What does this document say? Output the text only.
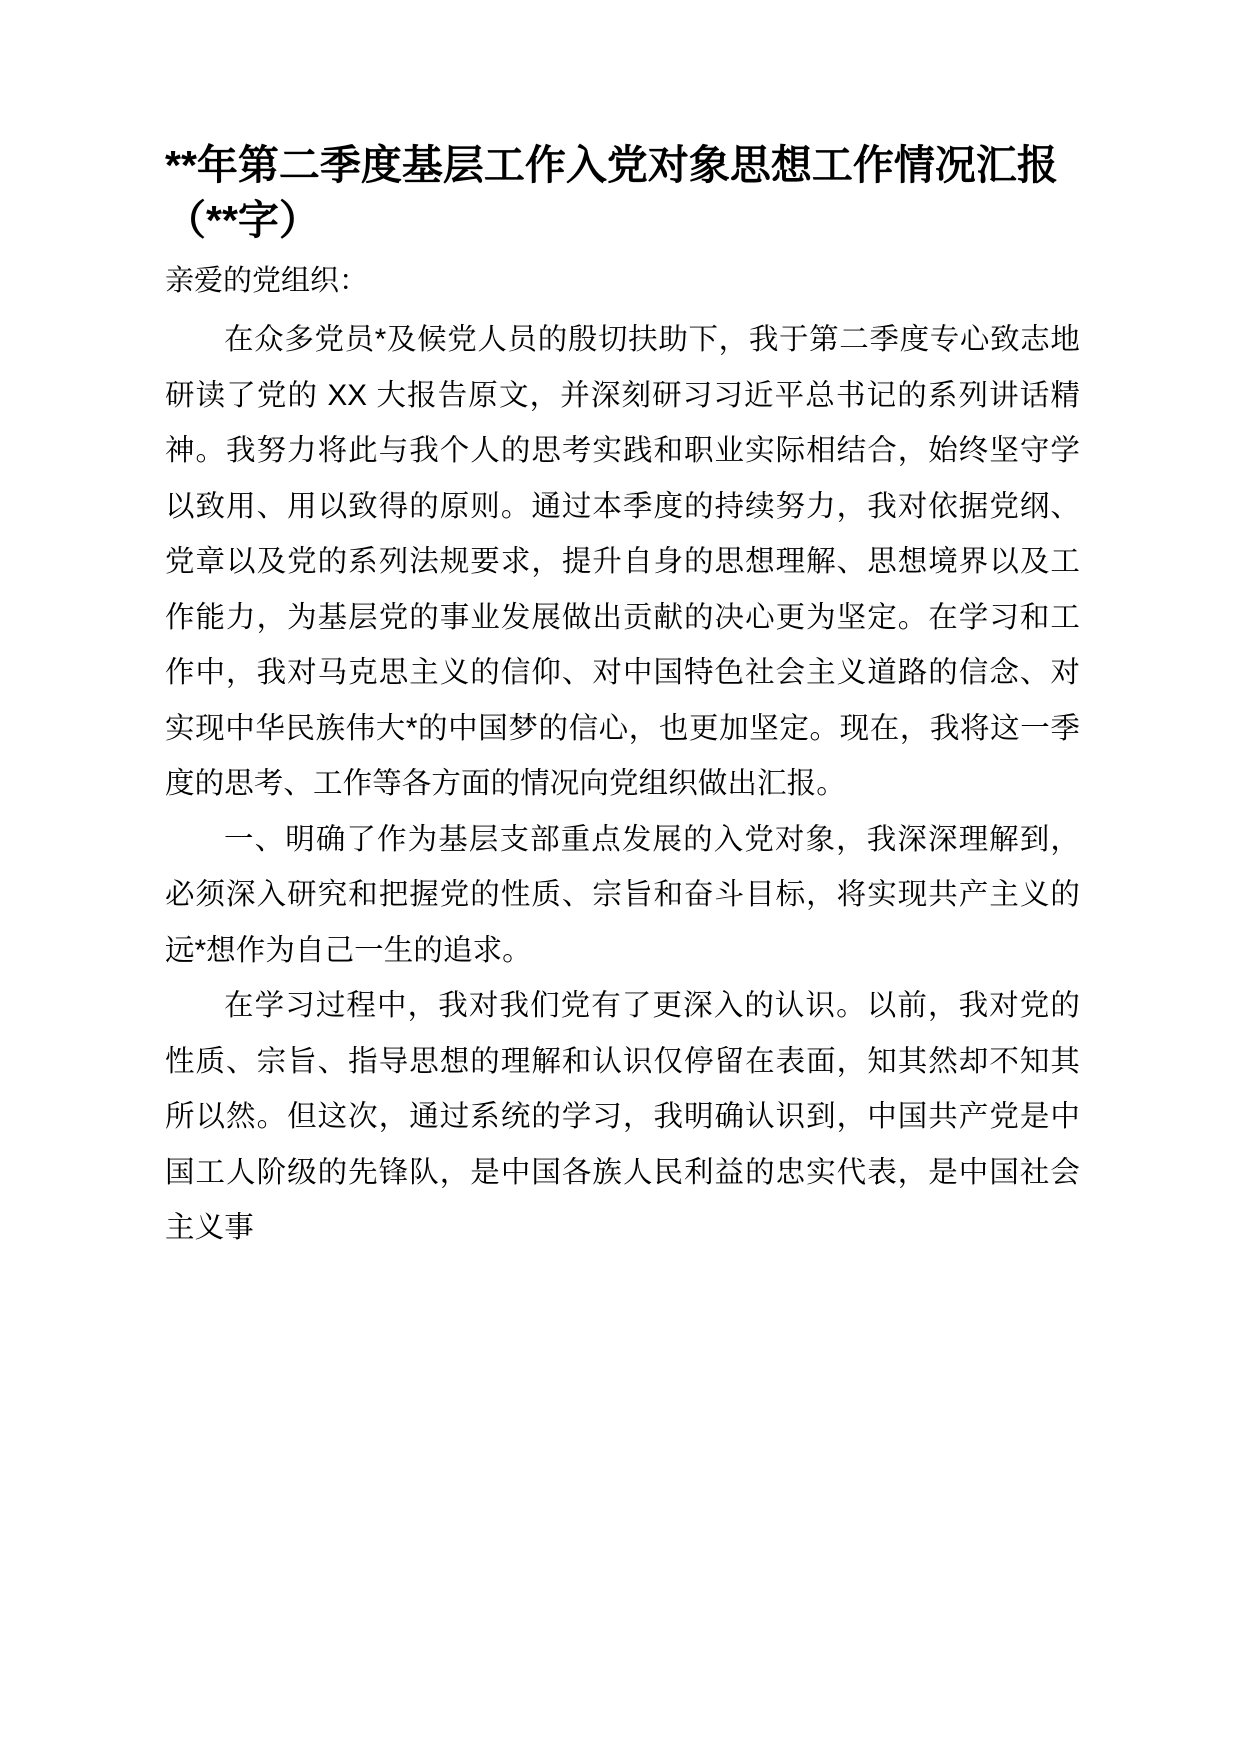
**年第二季度基层工作入党对象思想工作情况汇报（**字）

亲爱的党组织：

在众多党员*及候党人员的殷切扶助下，我于第二季度专心致志地研读了党的 XX 大报告原文，并深刻研习习近平总书记的系列讲话精神。我努力将此与我个人的思考实践和职业实际相结合，始终坚守学以致用、用以致得的原则。通过本季度的持续努力，我对依据党纲、党章以及党的系列法规要求，提升自身的思想理解、思想境界以及工作能力，为基层党的事业发展做出贡献的决心更为坚定。在学习和工作中，我对马克思主义的信仰、对中国特色社会主义道路的信念、对实现中华民族伟大*的中国梦的信心，也更加坚定。现在，我将这一季度的思考、工作等各方面的情况向党组织做出汇报。

一、明确了作为基层支部重点发展的入党对象，我深深理解到，必须深入研究和把握党的性质、宗旨和奋斗目标，将实现共产主义的远*想作为自己一生的追求。

在学习过程中，我对我们党有了更深入的认识。以前，我对党的性质、宗旨、指导思想的理解和认识仅停留在表面，知其然却不知其所以然。但这次，通过系统的学习，我明确认识到，中国共产党是中国工人阶级的先锋队，是中国各族人民利益的忠实代表，是中国社会主义事
